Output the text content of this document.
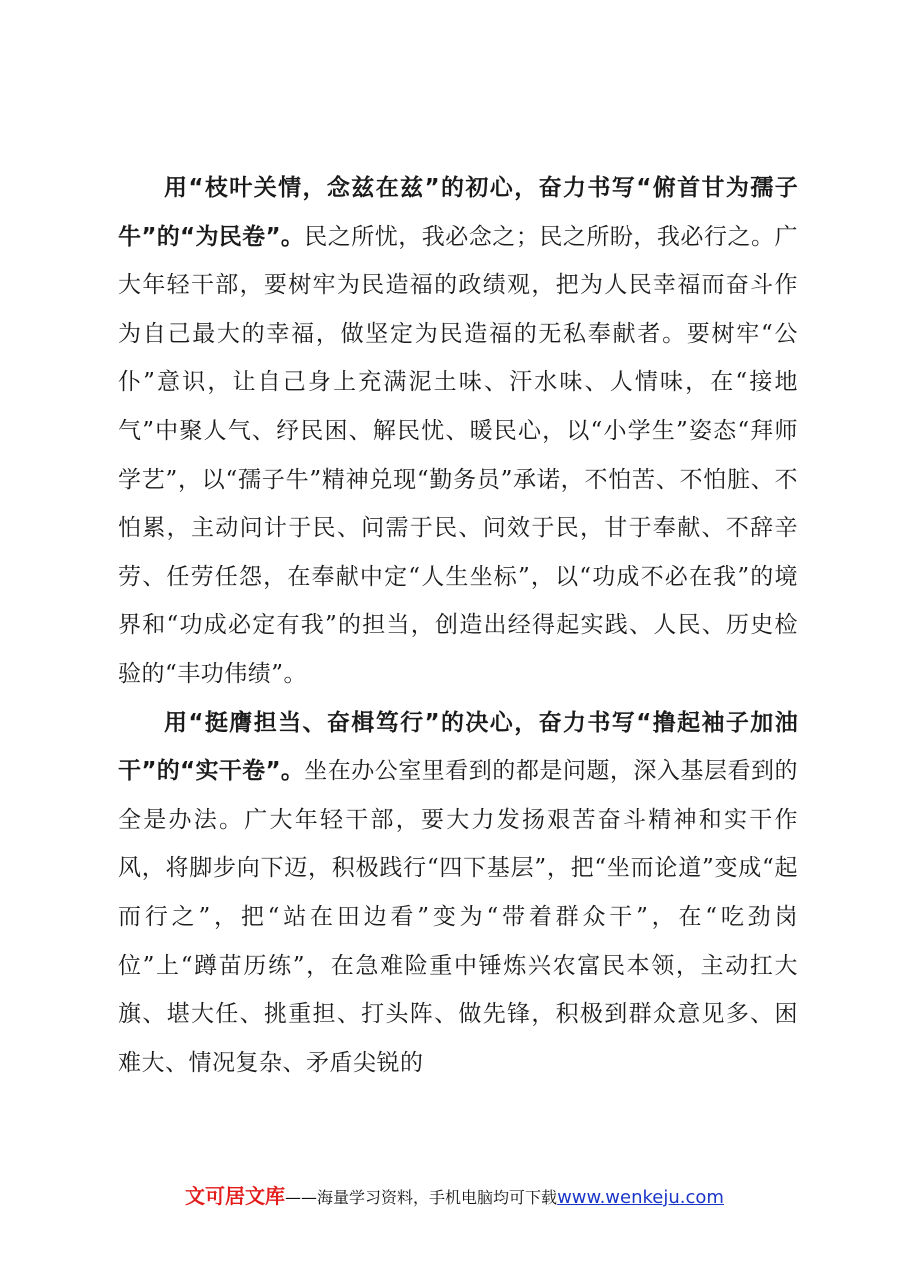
用“枝叶关情，念兹在兹”的初心，奋力书写“俯首甘为孺子牛”的“为民卷”。民之所忧，我必念之；民之所盼，我必行之。广大年轻干部，要树牢为民造福的政绩观，把为人民幸福而奋斗作为自己最大的幸福，做坚定为民造福的无私奉献者。要树牢“公仆”意识，让自己身上充满泥土味、汗水味、人情味，在“接地气”中聚人气、纾民困、解民忧、暖民心，以“小学生”姿态“拜师学艺”，以“孺子牛”精神兑现“勤务员”承诺，不怕苦、不怕脏、不怕累，主动问计于民、问需于民、问效于民，甘于奉献、不辞辛劳、任劳任怨，在奉献中定“人生坐标”，以“功成不必在我”的境界和“功成必定有我”的担当，创造出经得起实践、人民、历史检验的“丰功伟绩”。

用“挺膺担当、奋楫笃行”的决心，奋力书写“撸起袖子加油干”的“实干卷”。坐在办公室里看到的都是问题，深入基层看到的全是办法。广大年轻干部，要大力发扬艰苦奋斗精神和实干作风，将脚步向下迈，积极践行“四下基层”，把“坐而论道”变成“起而行之”，把“站在田边看”变为“带着群众干”，在“吃劲岗位”上“蹲苗历练”，在急难险重中锤炼兴农富民本领，主动扛大旗、堪大任、挑重担、打头阵、做先锋，积极到群众意见多、困难大、情况复杂、矛盾尖锐的

文可居文库——海量学习资料，手机电脑均可下载www.wenkeju.com
